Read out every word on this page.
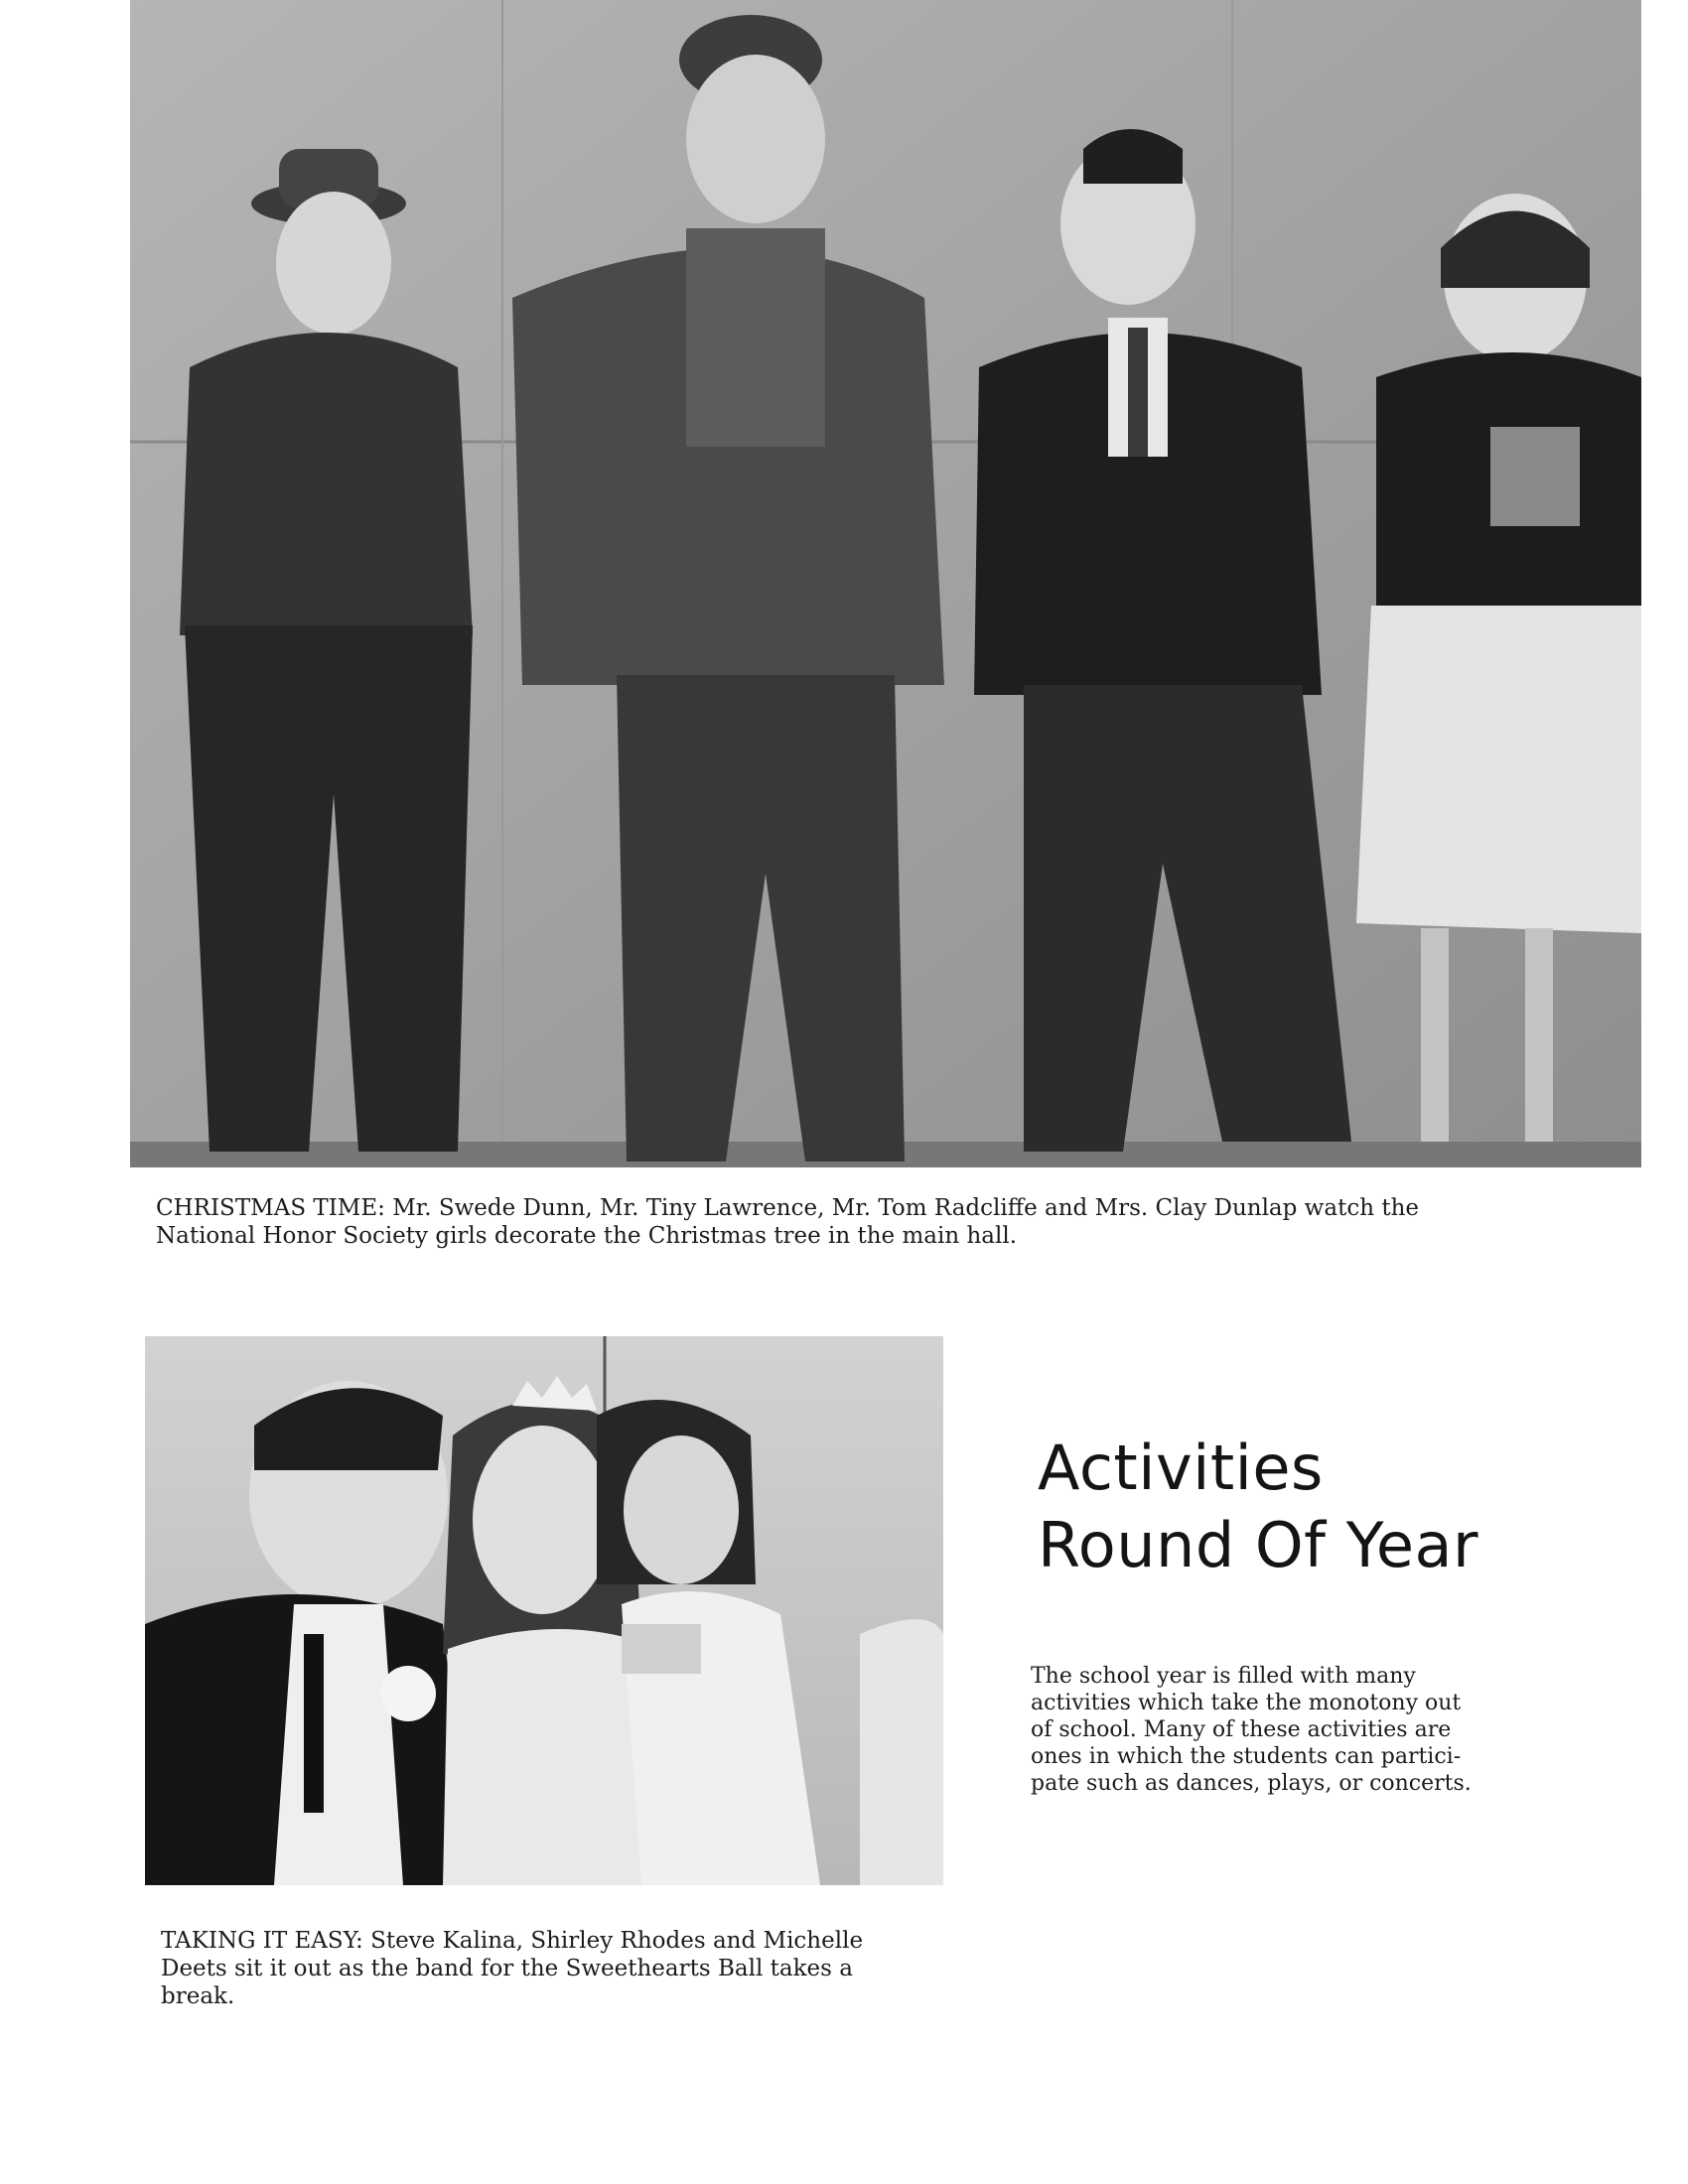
CHRISTMAS TIME: Mr. Swede Dunn, Mr. Tiny Lawrence, Mr. Tom Radcliffe and Mrs. Clay Dunlap watch the
National Honor Society girls decorate the Christmas tree in the main hall.
TAKING IT EASY: Steve Kalina, Shirley Rhodes and Michelle
Deets sit it out as the band for the Sweethearts Ball takes a
break.
Activities
Round Of Year

The school year is filled with many
activities which take the monotony out
of school. Many of these activities are
ones in which the students can partici-
pate such as dances, plays, or concerts.
